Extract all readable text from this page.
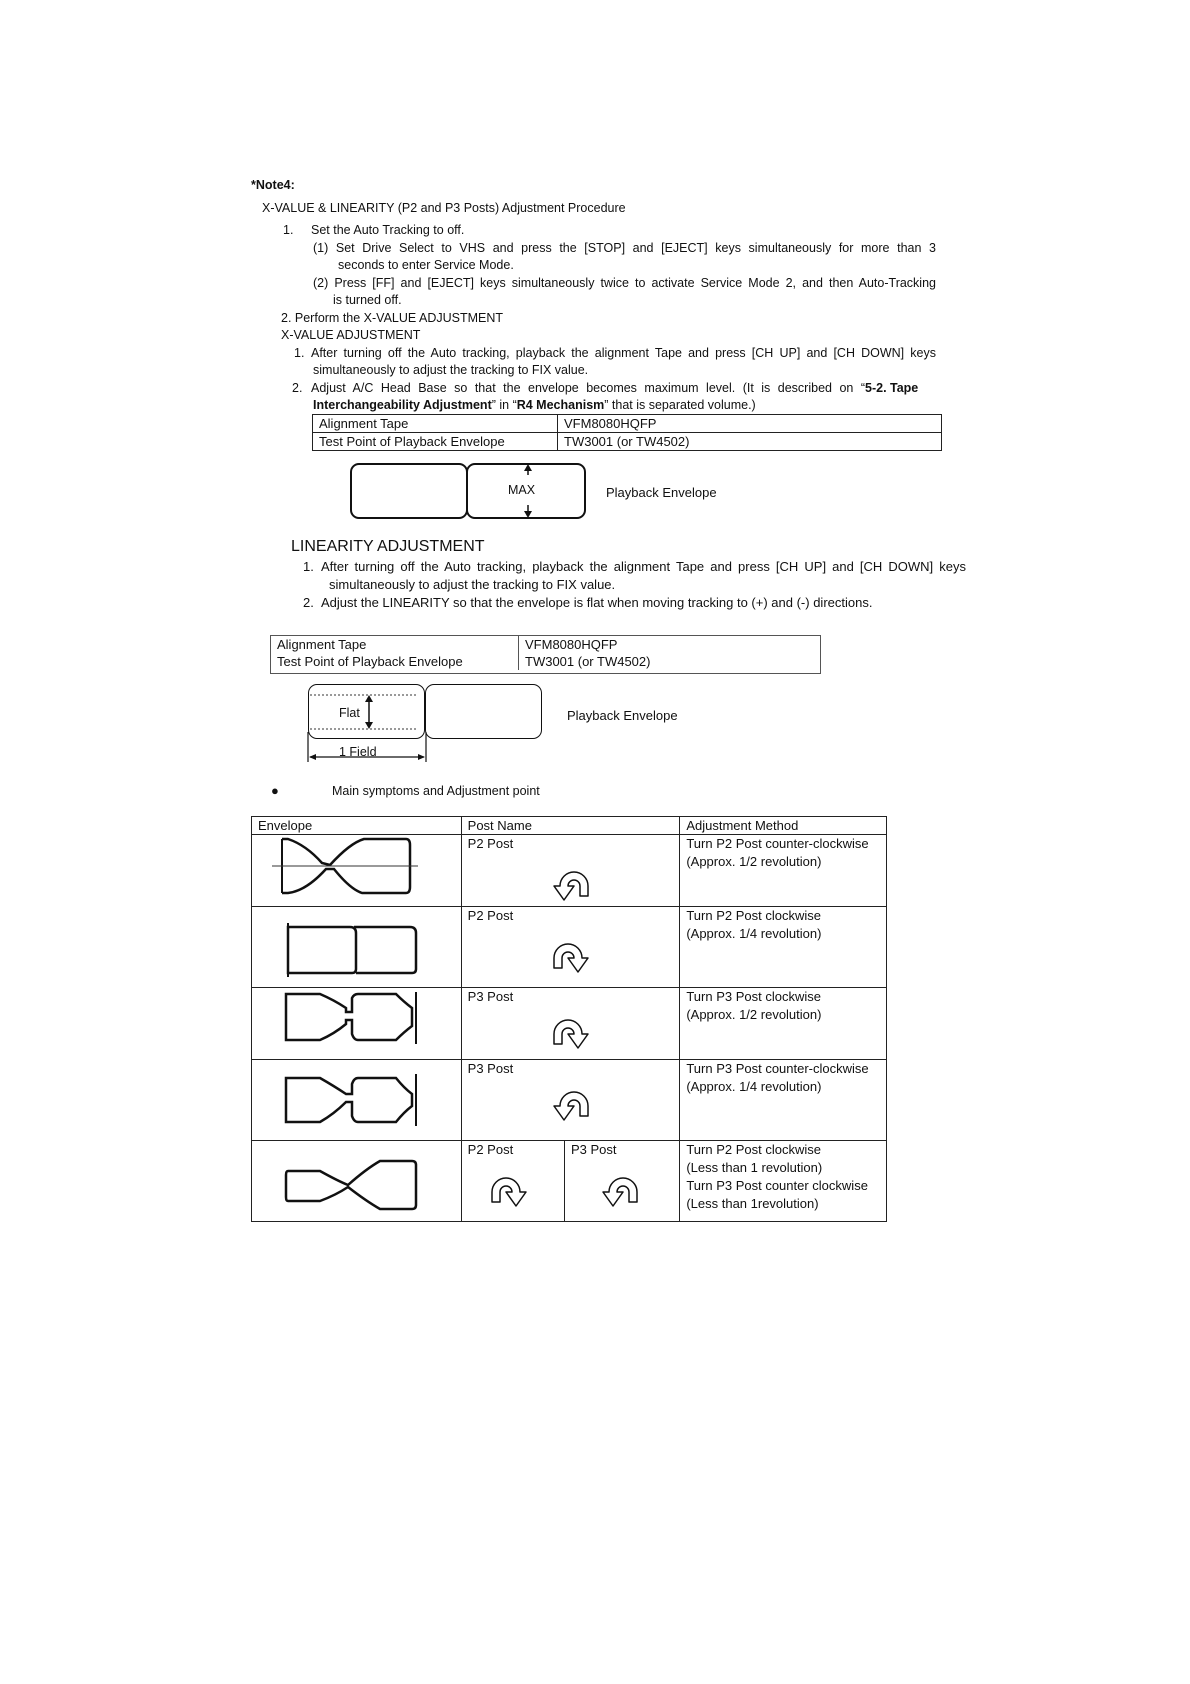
*Note4:
X-VALUE & LINEARITY (P2 and P3 Posts) Adjustment Procedure
1. Set the Auto Tracking to off.
(1) Set Drive Select to VHS and press the [STOP] and [EJECT] keys simultaneously for more than 3
seconds to enter Service Mode.
(2) Press [FF] and [EJECT] keys simultaneously twice to activate Service Mode 2, and then Auto-Tracking
is turned off.
2. Perform the X-VALUE ADJUSTMENT
X-VALUE ADJUSTMENT
1. After turning off the Auto tracking, playback the alignment Tape and press [CH UP] and [CH DOWN] keys
simultaneously to adjust the tracking to FIX value.
2. Adjust A/C Head Base so that the envelope becomes maximum level. (It is described on “5-2. Tape
Interchangeability Adjustment” in “R4 Mechanism” that is separated volume.)
Alignment Tape	VFM8080HQFP
Test Point of Playback Envelope	TW3001 (or TW4502)
MAX	Playback Envelope
LINEARITY ADJUSTMENT
1. After turning off the Auto tracking, playback the alignment Tape and press [CH UP] and [CH DOWN] keys
simultaneously to adjust the tracking to FIX value.
2. Adjust the LINEARITY so that the envelope is flat when moving tracking to (+) and (-) directions.
Alignment Tape	VFM8080HQFP
Test Point of Playback Envelope	TW3001 (or TW4502)
Flat
1 Field
Playback Envelope
●	Main symptoms and Adjustment point
Envelope	Post Name		Adjustment Method
	P2 Post		Turn P2 Post counter-clockwise
(Approx. 1/2 revolution)

	P2 Post		Turn P2 Post clockwise
(Approx. 1/4 revolution)

	P3 Post		Turn P3 Post clockwise
(Approx. 1/2 revolution)

	P3 Post		Turn P3 Post counter-clockwise
(Approx. 1/4 revolution)

	P2 Post	P3 Post	Turn P2 Post clockwise
(Less than 1 revolution)
Turn P3 Post counter clockwise
(Less than 1revolution)
